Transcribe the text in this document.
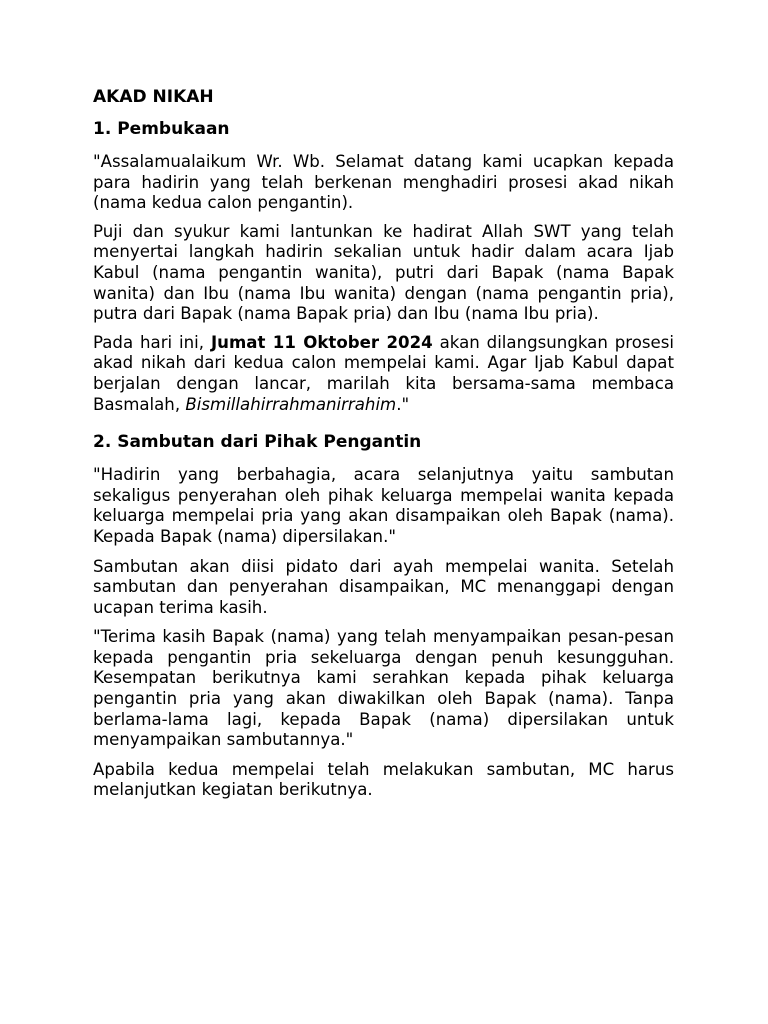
AKAD NIKAH
1. Pembukaan

"Assalamualaikum Wr. Wb. Selamat datang kami ucapkan kepada para hadirin yang telah berkenan menghadiri prosesi akad nikah (nama kedua calon pengantin).

Puji dan syukur kami lantunkan ke hadirat Allah SWT yang telah menyertai langkah hadirin sekalian untuk hadir dalam acara Ijab Kabul (nama pengantin wanita), putri dari Bapak (nama Bapak wanita) dan Ibu (nama Ibu wanita) dengan (nama pengantin pria), putra dari Bapak (nama Bapak pria) dan Ibu (nama Ibu pria).

Pada hari ini, Jumat 11 Oktober 2024 akan dilangsungkan prosesi akad nikah dari kedua calon mempelai kami. Agar Ijab Kabul dapat berjalan dengan lancar, marilah kita bersama-sama membaca Basmalah, Bismillahirrahmanirrahim."

2. Sambutan dari Pihak Pengantin

"Hadirin yang berbahagia, acara selanjutnya yaitu sambutan sekaligus penyerahan oleh pihak keluarga mempelai wanita kepada keluarga mempelai pria yang akan disampaikan oleh Bapak (nama). Kepada Bapak (nama) dipersilakan."

Sambutan akan diisi pidato dari ayah mempelai wanita. Setelah sambutan dan penyerahan disampaikan, MC menanggapi dengan ucapan terima kasih.

"Terima kasih Bapak (nama) yang telah menyampaikan pesan-pesan kepada pengantin pria sekeluarga dengan penuh kesungguhan. Kesempatan berikutnya kami serahkan kepada pihak keluarga pengantin pria yang akan diwakilkan oleh Bapak (nama). Tanpa berlama-lama lagi, kepada Bapak (nama) dipersilakan untuk menyampaikan sambutannya."

Apabila kedua mempelai telah melakukan sambutan, MC harus melanjutkan kegiatan berikutnya.
